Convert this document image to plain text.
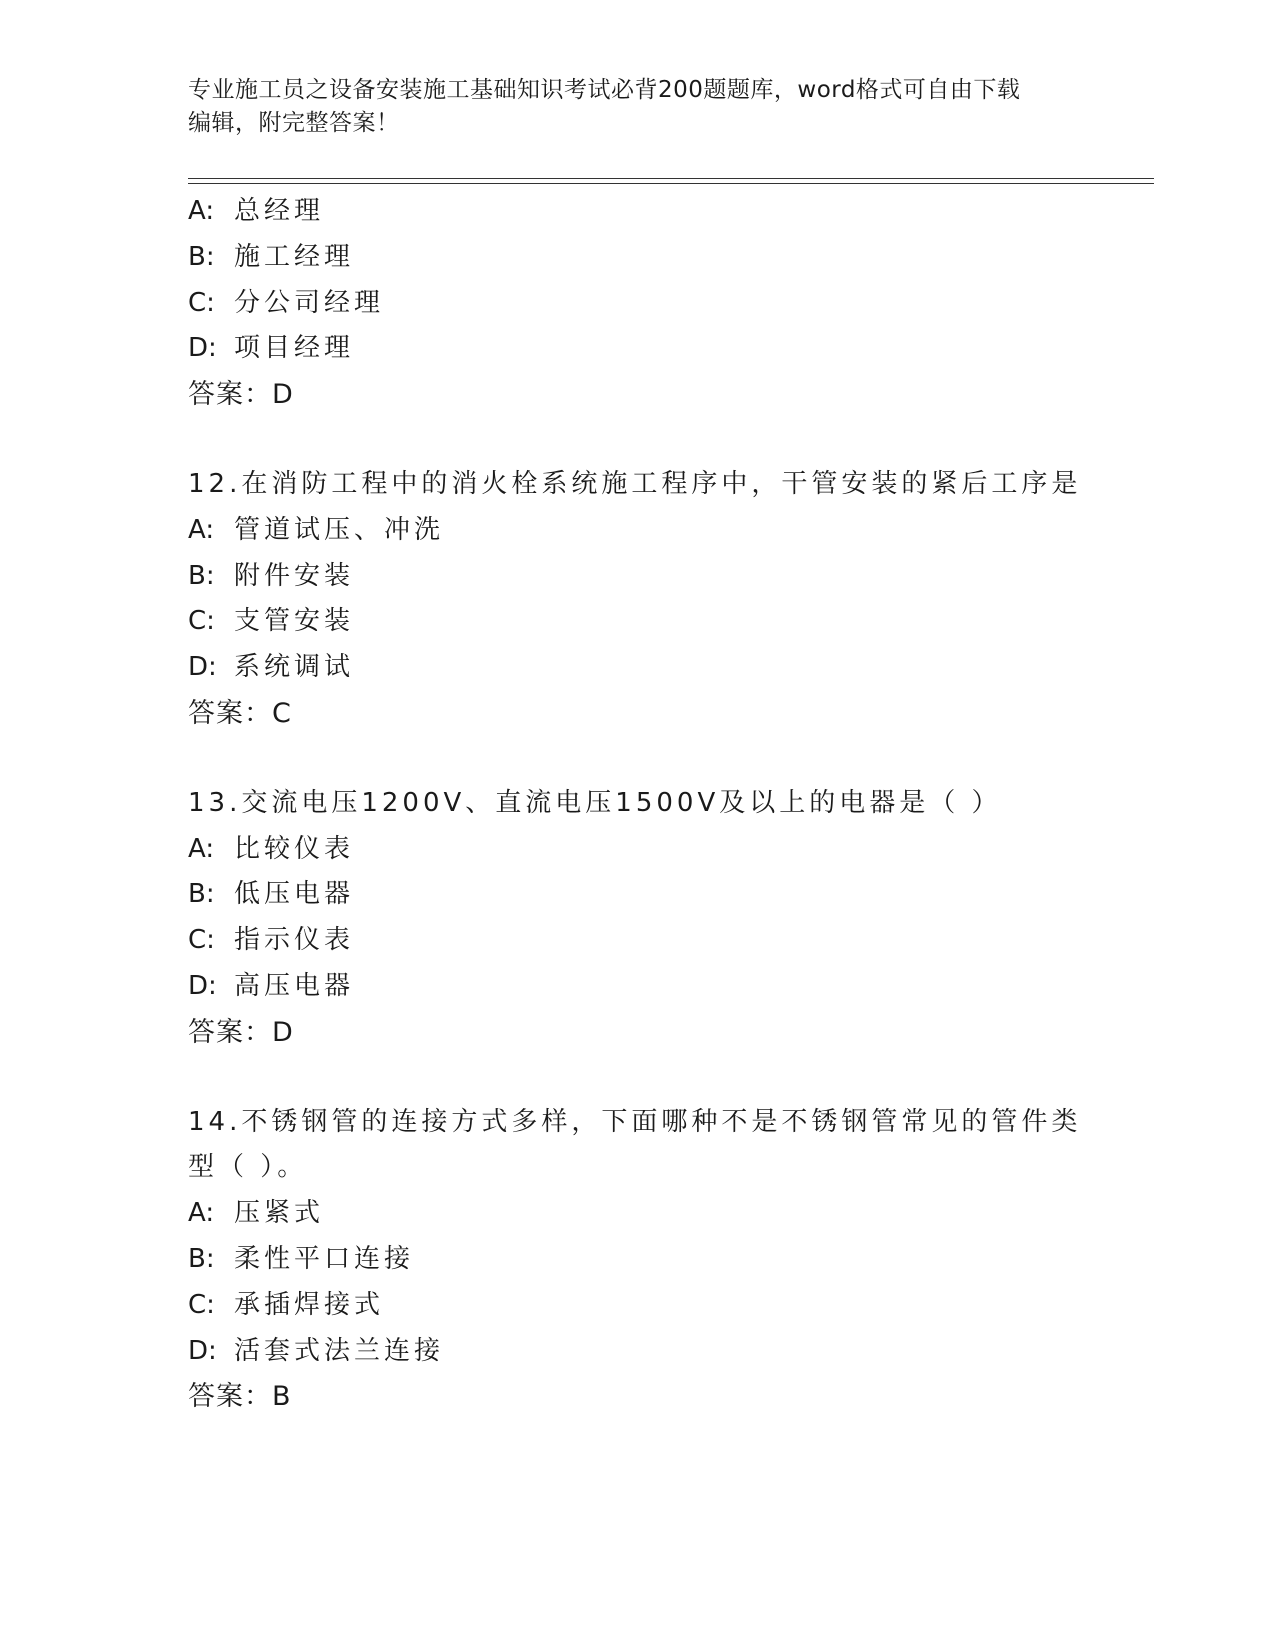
专业施工员之设备安装施工基础知识考试必背200题题库，word格式可自由下载
编辑，附完整答案！
A: 总经理
B: 施工经理
C: 分公司经理
D: 项目经理
答案：D
12.在消防工程中的消火栓系统施工程序中，干管安装的紧后工序是
A: 管道试压、冲洗
B: 附件安装
C: 支管安装
D: 系统调试
答案：C
13.交流电压1200V、直流电压1500V及以上的电器是（ ）
A: 比较仪表
B: 低压电器
C: 指示仪表
D: 高压电器
答案：D
14.不锈钢管的连接方式多样，下面哪种不是不锈钢管常见的管件类型（ ）。
A: 压紧式
B: 柔性平口连接
C: 承插焊接式
D: 活套式法兰连接
答案：B
